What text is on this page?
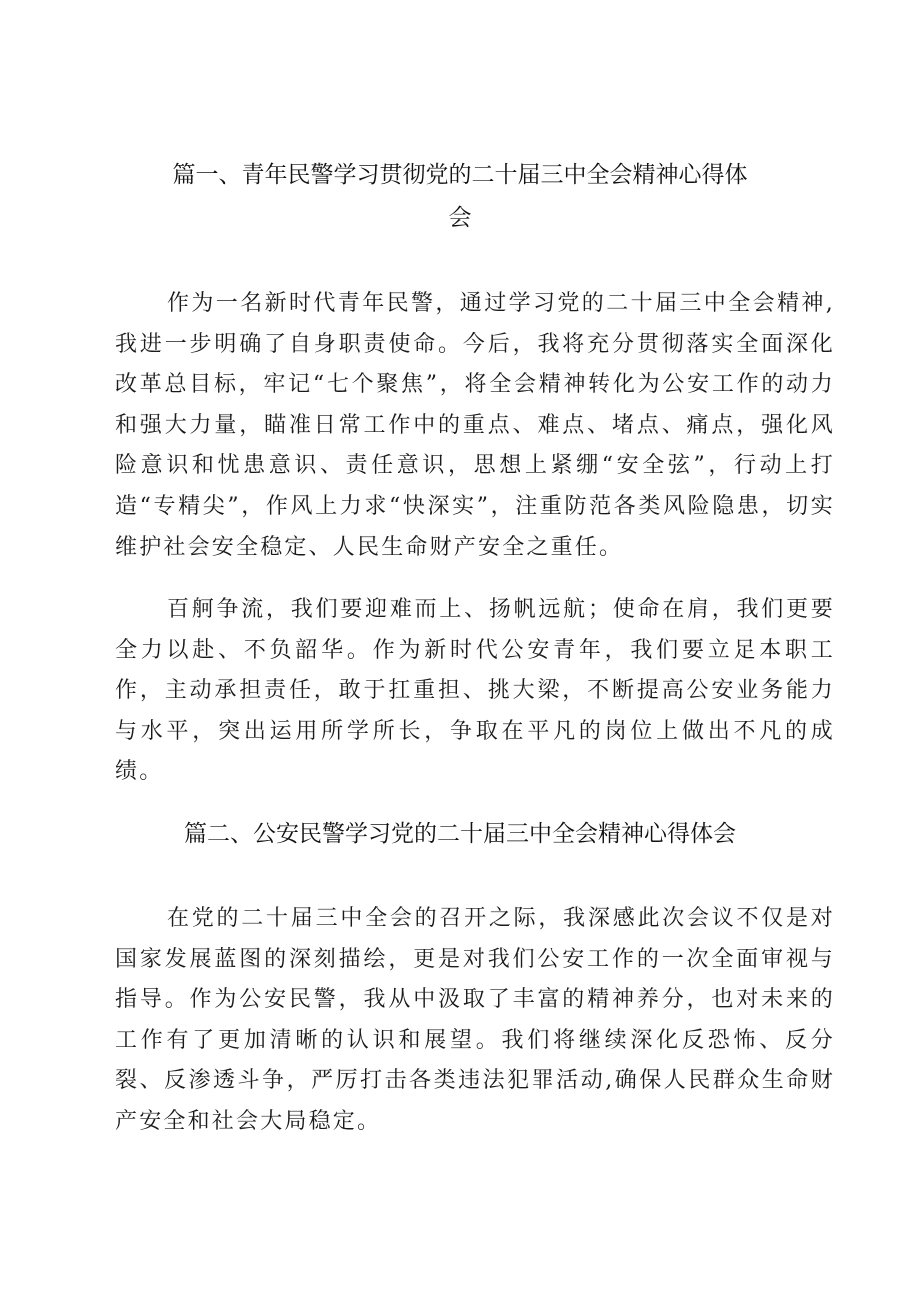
篇一、青年民警学习贯彻党的二十届三中全会精神心得体
会

作为一名新时代青年民警，通过学习党的二十届三中全会精神,我进一步明确了自身职责使命。今后，我将充分贯彻落实全面深化改革总目标，牢记“七个聚焦”，将全会精神转化为公安工作的动力和强大力量，瞄准日常工作中的重点、难点、堵点、痛点，强化风险意识和忧患意识、责任意识，思想上紧绷“安全弦”，行动上打造“专精尖”，作风上力求“快深实”，注重防范各类风险隐患，切实维护社会安全稳定、人民生命财产安全之重任。

百舸争流，我们要迎难而上、扬帆远航；使命在肩，我们更要全力以赴、不负韶华。作为新时代公安青年，我们要立足本职工作，主动承担责任，敢于扛重担、挑大梁，不断提高公安业务能力与水平，突出运用所学所长，争取在平凡的岗位上做出不凡的成绩。

篇二、公安民警学习党的二十届三中全会精神心得体会

在党的二十届三中全会的召开之际，我深感此次会议不仅是对国家发展蓝图的深刻描绘，更是对我们公安工作的一次全面审视与指导。作为公安民警，我从中汲取了丰富的精神养分，也对未来的工作有了更加清晰的认识和展望。我们将继续深化反恐怖、反分裂、反渗透斗争，严厉打击各类违法犯罪活动,确保人民群众生命财产安全和社会大局稳定。
